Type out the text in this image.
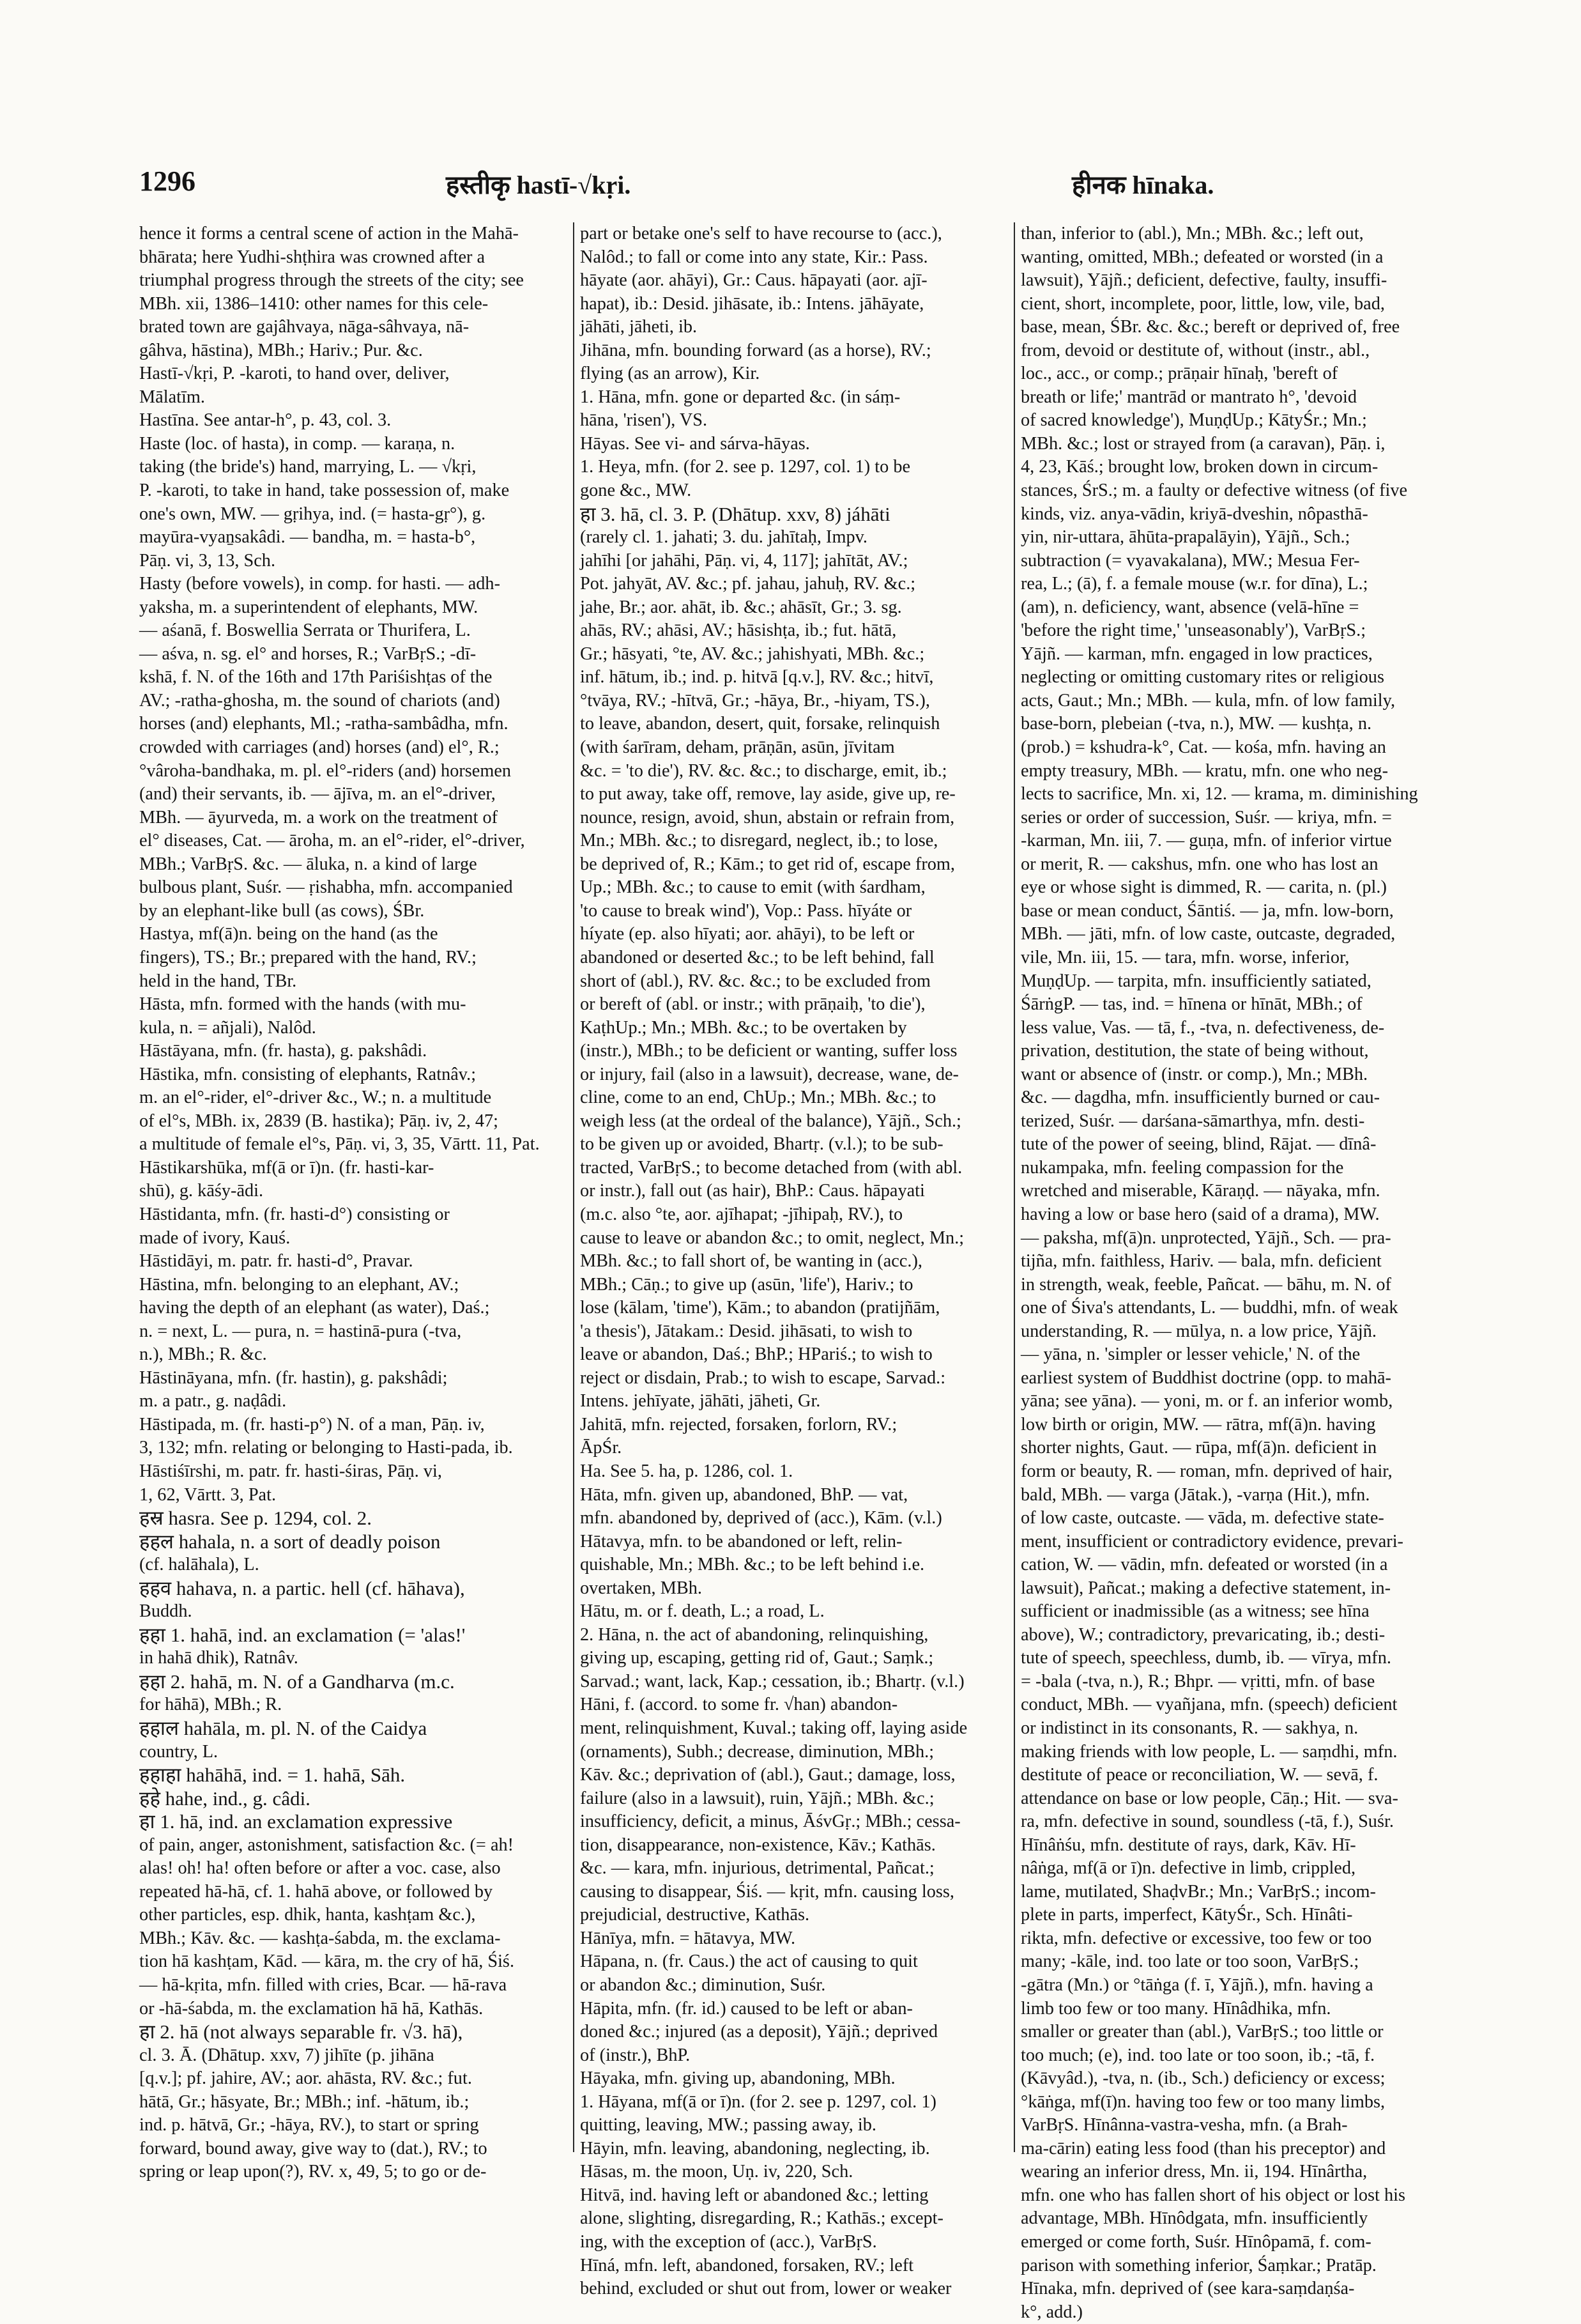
1296	हस्तीकृ hastī-√kṛi.	हीनक hīnaka.
hence it forms a central scene of action in the Mahā-
bhārata; here Yudhi-shṭhira was crowned after a
triumphal progress through the streets of the city; see
MBh. xii, 1386–1410: other names for this cele-
brated town are gajâhvaya, nāga-sâhvaya, nā-
gâhva, hāstina), MBh.; Hariv.; Pur. &c.
Hastī-√kṛi, P. -karoti, to hand over, deliver,
Mālatīm.
Hastīna. See antar-h°, p. 43, col. 3.
Haste (loc. of hasta), in comp. — karaṇa, n.
taking (the bride's) hand, marrying, L. — √kṛi,
P. -karoti, to take in hand, take possession of, make
one's own, MW. — gṛihya, ind. (= hasta-gṛ°), g.
mayūra-vyaṉsakâdi. — bandha, m. = hasta-b°,
Pāṇ. vi, 3, 13, Sch.
Hasty (before vowels), in comp. for hasti. — adh-
yaksha, m. a superintendent of elephants, MW.
— aśanā, f. Boswellia Serrata or Thurifera, L.
— aśva, n. sg. el° and horses, R.; VarBṛS.; -dī-
kshā, f. N. of the 16th and 17th Pariśishṭas of the
AV.; -ratha-ghosha, m. the sound of chariots (and)
horses (and) elephants, Ml.; -ratha-sambâdha, mfn.
crowded with carriages (and) horses (and) el°, R.;
°vâroha-bandhaka, m. pl. el°-riders (and) horsemen
(and) their servants, ib. — ājīva, m. an el°-driver,
MBh. — āyurveda, m. a work on the treatment of
el° diseases, Cat. — āroha, m. an el°-rider, el°-driver,
MBh.; VarBṛS. &c. — āluka, n. a kind of large
bulbous plant, Suśr. — ṛishabha, mfn. accompanied
by an elephant-like bull (as cows), ŚBr.
Hastya, mf(ā)n. being on the hand (as the
fingers), TS.; Br.; prepared with the hand, RV.;
held in the hand, TBr.
Hāsta, mfn. formed with the hands (with mu-
kula, n. = añjali), Nalôd.
Hāstāyana, mfn. (fr. hasta), g. pakshâdi.
Hāstika, mfn. consisting of elephants, Ratnâv.;
m. an el°-rider, el°-driver &c., W.; n. a multitude
of el°s, MBh. ix, 2839 (B. hastika); Pāṇ. iv, 2, 47;
a multitude of female el°s, Pāṇ. vi, 3, 35, Vārtt. 11, Pat.
Hāstikarshūka, mf(ā or ī)n. (fr. hasti-kar-
shū), g. kāśy-ādi.
Hāstidanta, mfn. (fr. hasti-d°) consisting or
made of ivory, Kauś.
Hāstidāyi, m. patr. fr. hasti-d°, Pravar.
Hāstina, mfn. belonging to an elephant, AV.;
having the depth of an elephant (as water), Daś.;
n. = next, L. — pura, n. = hastinā-pura (-tva,
n.), MBh.; R. &c.
Hāstināyana, mfn. (fr. hastin), g. pakshâdi;
m. a patr., g. naḍâdi.
Hāstipada, m. (fr. hasti-p°) N. of a man, Pāṇ. iv,
3, 132; mfn. relating or belonging to Hasti-pada, ib.
Hāstiśīrshi, m. patr. fr. hasti-śiras, Pāṇ. vi,
1, 62, Vārtt. 3, Pat.
हस्र hasra. See p. 1294, col. 2.
हहल hahala, n. a sort of deadly poison
(cf. halāhala), L.
हहव hahava, n. a partic. hell (cf. hāhava),
Buddh.
हहा 1. hahā, ind. an exclamation (= 'alas!'
in hahā dhik), Ratnâv.
हहा 2. hahā, m. N. of a Gandharva (m.c.
for hāhā), MBh.; R.
हहाल hahāla, m. pl. N. of the Caidya
country, L.
हहाहा hahāhā, ind. = 1. hahā, Sāh.
हहे hahe, ind., g. câdi.
हा 1. hā, ind. an exclamation expressive
of pain, anger, astonishment, satisfaction &c. (= ah!
alas! oh! ha! often before or after a voc. case, also
repeated hā-hā, cf. 1. hahā above, or followed by
other particles, esp. dhik, hanta, kashṭam &c.),
MBh.; Kāv. &c. — kashṭa-śabda, m. the exclama-
tion hā kashṭam, Kād. — kāra, m. the cry of hā, Śiś.
— hā-kṛita, mfn. filled with cries, Bcar. — hā-rava
or -hā-śabda, m. the exclamation hā hā, Kathās.
हा 2. hā (not always separable fr. √3. hā),
cl. 3. Ā. (Dhātup. xxv, 7) jihīte (p. jihāna
[q.v.]; pf. jahire, AV.; aor. ahāsta, RV. &c.; fut.
hātā, Gr.; hāsyate, Br.; MBh.; inf. -hātum, ib.;
ind. p. hātvā, Gr.; -hāya, RV.), to start or spring
forward, bound away, give way to (dat.), RV.; to
spring or leap upon(?), RV. x, 49, 5; to go or de-
part or betake one's self to have recourse to (acc.),
Nalôd.; to fall or come into any state, Kir.: Pass.
hāyate (aor. ahāyi), Gr.: Caus. hāpayati (aor. ajī-
hapat), ib.: Desid. jihāsate, ib.: Intens. jāhāyate,
jāhāti, jāheti, ib.
Jihāna, mfn. bounding forward (as a horse), RV.;
flying (as an arrow), Kir.
1. Hāna, mfn. gone or departed &c. (in sáṃ-
hāna, 'risen'), VS.
Hāyas. See vi- and sárva-hāyas.
1. Heya, mfn. (for 2. see p. 1297, col. 1) to be
gone &c., MW.
हा 3. hā, cl. 3. P. (Dhātup. xxv, 8) jáhāti
(rarely cl. 1. jahati; 3. du. jahītaḥ, Impv.
jahīhi [or jahāhi, Pāṇ. vi, 4, 117]; jahītāt, AV.;
Pot. jahyāt, AV. &c.; pf. jahau, jahuḥ, RV. &c.;
jahe, Br.; aor. ahāt, ib. &c.; ahāsīt, Gr.; 3. sg.
ahās, RV.; ahāsi, AV.; hāsishṭa, ib.; fut. hātā,
Gr.; hāsyati, °te, AV. &c.; jahishyati, MBh. &c.;
inf. hātum, ib.; ind. p. hitvā [q.v.], RV. &c.; hitvī,
°tvāya, RV.; -hītvā, Gr.; -hāya, Br., -hiyam, TS.),
to leave, abandon, desert, quit, forsake, relinquish
(with śarīram, deham, prāṇān, asūn, jīvitam
&c. = 'to die'), RV. &c. &c.; to discharge, emit, ib.;
to put away, take off, remove, lay aside, give up, re-
nounce, resign, avoid, shun, abstain or refrain from,
Mn.; MBh. &c.; to disregard, neglect, ib.; to lose,
be deprived of, R.; Kām.; to get rid of, escape from,
Up.; MBh. &c.; to cause to emit (with śardham,
'to cause to break wind'), Vop.: Pass. hīyáte or
híyate (ep. also hīyati; aor. ahāyi), to be left or
abandoned or deserted &c.; to be left behind, fall
short of (abl.), RV. &c. &c.; to be excluded from
or bereft of (abl. or instr.; with prāṇaiḥ, 'to die'),
KaṭhUp.; Mn.; MBh. &c.; to be overtaken by
(instr.), MBh.; to be deficient or wanting, suffer loss
or injury, fail (also in a lawsuit), decrease, wane, de-
cline, come to an end, ChUp.; Mn.; MBh. &c.; to
weigh less (at the ordeal of the balance), Yājñ., Sch.;
to be given up or avoided, Bhartṛ. (v.l.); to be sub-
tracted, VarBṛS.; to become detached from (with abl.
or instr.), fall out (as hair), BhP.: Caus. hāpayati
(m.c. also °te, aor. ajīhapat; -jīhipaḥ, RV.), to
cause to leave or abandon &c.; to omit, neglect, Mn.;
MBh. &c.; to fall short of, be wanting in (acc.),
MBh.; Cāṇ.; to give up (asūn, 'life'), Hariv.; to
lose (kālam, 'time'), Kām.; to abandon (pratijñām,
'a thesis'), Jātakam.: Desid. jihāsati, to wish to
leave or abandon, Daś.; BhP.; HPariś.; to wish to
reject or disdain, Prab.; to wish to escape, Sarvad.:
Intens. jehīyate, jāhāti, jāheti, Gr.
Jahitā, mfn. rejected, forsaken, forlorn, RV.;
ĀpŚr.
Ha. See 5. ha, p. 1286, col. 1.
Hāta, mfn. given up, abandoned, BhP. — vat,
mfn. abandoned by, deprived of (acc.), Kām. (v.l.)
Hātavya, mfn. to be abandoned or left, relin-
quishable, Mn.; MBh. &c.; to be left behind i.e.
overtaken, MBh.
Hātu, m. or f. death, L.; a road, L.
2. Hāna, n. the act of abandoning, relinquishing,
giving up, escaping, getting rid of, Gaut.; Saṃk.;
Sarvad.; want, lack, Kap.; cessation, ib.; Bhartṛ. (v.l.)
Hāni, f. (accord. to some fr. √han) abandon-
ment, relinquishment, Kuval.; taking off, laying aside
(ornaments), Subh.; decrease, diminution, MBh.;
Kāv. &c.; deprivation of (abl.), Gaut.; damage, loss,
failure (also in a lawsuit), ruin, Yājñ.; MBh. &c.;
insufficiency, deficit, a minus, ĀśvGṛ.; MBh.; cessa-
tion, disappearance, non-existence, Kāv.; Kathās.
&c. — kara, mfn. injurious, detrimental, Pañcat.;
causing to disappear, Śiś. — kṛit, mfn. causing loss,
prejudicial, destructive, Kathās.
Hānīya, mfn. = hātavya, MW.
Hāpana, n. (fr. Caus.) the act of causing to quit
or abandon &c.; diminution, Suśr.
Hāpita, mfn. (fr. id.) caused to be left or aban-
doned &c.; injured (as a deposit), Yājñ.; deprived
of (instr.), BhP.
Hāyaka, mfn. giving up, abandoning, MBh.
1. Hāyana, mf(ā or ī)n. (for 2. see p. 1297, col. 1)
quitting, leaving, MW.; passing away, ib.
Hāyin, mfn. leaving, abandoning, neglecting, ib.
Hāsas, m. the moon, Uṇ. iv, 220, Sch.
Hitvā, ind. having left or abandoned &c.; letting
alone, slighting, disregarding, R.; Kathās.; except-
ing, with the exception of (acc.), VarBṛS.
Hīná, mfn. left, abandoned, forsaken, RV.; left
behind, excluded or shut out from, lower or weaker
than, inferior to (abl.), Mn.; MBh. &c.; left out,
wanting, omitted, MBh.; defeated or worsted (in a
lawsuit), Yājñ.; deficient, defective, faulty, insuffi-
cient, short, incomplete, poor, little, low, vile, bad,
base, mean, ŚBr. &c. &c.; bereft or deprived of, free
from, devoid or destitute of, without (instr., abl.,
loc., acc., or comp.; prāṇair hīnaḥ, 'bereft of
breath or life;' mantrād or mantrato h°, 'devoid
of sacred knowledge'), MuṇḍUp.; KātyŚr.; Mn.;
MBh. &c.; lost or strayed from (a caravan), Pāṇ. i,
4, 23, Kāś.; brought low, broken down in circum-
stances, ŚrS.; m. a faulty or defective witness (of five
kinds, viz. anya-vādin, kriyā-dveshin, nôpasthā-
yin, nir-uttara, āhūta-prapalāyin), Yājñ., Sch.;
subtraction (= vyavakalana), MW.; Mesua Fer-
rea, L.; (ā), f. a female mouse (w.r. for dīna), L.;
(am), n. deficiency, want, absence (velā-hīne =
'before the right time,' 'unseasonably'), VarBṛS.;
Yājñ. — karman, mfn. engaged in low practices,
neglecting or omitting customary rites or religious
acts, Gaut.; Mn.; MBh. — kula, mfn. of low family,
base-born, plebeian (-tva, n.), MW. — kushṭa, n.
(prob.) = kshudra-k°, Cat. — kośa, mfn. having an
empty treasury, MBh. — kratu, mfn. one who neg-
lects to sacrifice, Mn. xi, 12. — krama, m. diminishing
series or order of succession, Suśr. — kriya, mfn. =
-karman, Mn. iii, 7. — guṇa, mfn. of inferior virtue
or merit, R. — cakshus, mfn. one who has lost an
eye or whose sight is dimmed, R. — carita, n. (pl.)
base or mean conduct, Śāntiś. — ja, mfn. low-born,
MBh. — jāti, mfn. of low caste, outcaste, degraded,
vile, Mn. iii, 15. — tara, mfn. worse, inferior,
MuṇḍUp. — tarpita, mfn. insufficiently satiated,
ŚārṅgP. — tas, ind. = hīnena or hīnāt, MBh.; of
less value, Vas. — tā, f., -tva, n. defectiveness, de-
privation, destitution, the state of being without,
want or absence of (instr. or comp.), Mn.; MBh.
&c. — dagdha, mfn. insufficiently burned or cau-
terized, Suśr. — darśana-sāmarthya, mfn. desti-
tute of the power of seeing, blind, Rājat. — dīnâ-
nukampaka, mfn. feeling compassion for the
wretched and miserable, Kāraṇḍ. — nāyaka, mfn.
having a low or base hero (said of a drama), MW.
— paksha, mf(ā)n. unprotected, Yājñ., Sch. — pra-
tijña, mfn. faithless, Hariv. — bala, mfn. deficient
in strength, weak, feeble, Pañcat. — bāhu, m. N. of
one of Śiva's attendants, L. — buddhi, mfn. of weak
understanding, R. — mūlya, n. a low price, Yājñ.
— yāna, n. 'simpler or lesser vehicle,' N. of the
earliest system of Buddhist doctrine (opp. to mahā-
yāna; see yāna). — yoni, m. or f. an inferior womb,
low birth or origin, MW. — rātra, mf(ā)n. having
shorter nights, Gaut. — rūpa, mf(ā)n. deficient in
form or beauty, R. — roman, mfn. deprived of hair,
bald, MBh. — varga (Jātak.), -varṇa (Hit.), mfn.
of low caste, outcaste. — vāda, m. defective state-
ment, insufficient or contradictory evidence, prevari-
cation, W. — vādin, mfn. defeated or worsted (in a
lawsuit), Pañcat.; making a defective statement, in-
sufficient or inadmissible (as a witness; see hīna
above), W.; contradictory, prevaricating, ib.; desti-
tute of speech, speechless, dumb, ib. — vīrya, mfn.
= -bala (-tva, n.), R.; Bhpr. — vṛitti, mfn. of base
conduct, MBh. — vyañjana, mfn. (speech) deficient
or indistinct in its consonants, R. — sakhya, n.
making friends with low people, L. — saṃdhi, mfn.
destitute of peace or reconciliation, W. — sevā, f.
attendance on base or low people, Cāṇ.; Hit. — sva-
ra, mfn. defective in sound, soundless (-tā, f.), Suśr.
Hīnâṅśu, mfn. destitute of rays, dark, Kāv. Hī-
nâṅga, mf(ā or ī)n. defective in limb, crippled,
lame, mutilated, ShaḍvBr.; Mn.; VarBṛS.; incom-
plete in parts, imperfect, KātyŚr., Sch. Hīnâti-
rikta, mfn. defective or excessive, too few or too
many; -kāle, ind. too late or too soon, VarBṛS.;
-gātra (Mn.) or °tāṅga (f. ī, Yājñ.), mfn. having a
limb too few or too many. Hīnâdhika, mfn.
smaller or greater than (abl.), VarBṛS.; too little or
too much; (e), ind. too late or too soon, ib.; -tā, f.
(Kāvyâd.), -tva, n. (ib., Sch.) deficiency or excess;
°kāṅga, mf(ī)n. having too few or too many limbs,
VarBṛS. Hīnânna-vastra-vesha, mfn. (a Brah-
ma-cārin) eating less food (than his preceptor) and
wearing an inferior dress, Mn. ii, 194. Hīnârtha,
mfn. one who has fallen short of his object or lost his
advantage, MBh. Hīnôdgata, mfn. insufficiently
emerged or come forth, Suśr. Hīnôpamā, f. com-
parison with something inferior, Śaṃkar.; Pratāp.
Hīnaka, mfn. deprived of (see kara-saṃdaṇśa-
k°, add.)
